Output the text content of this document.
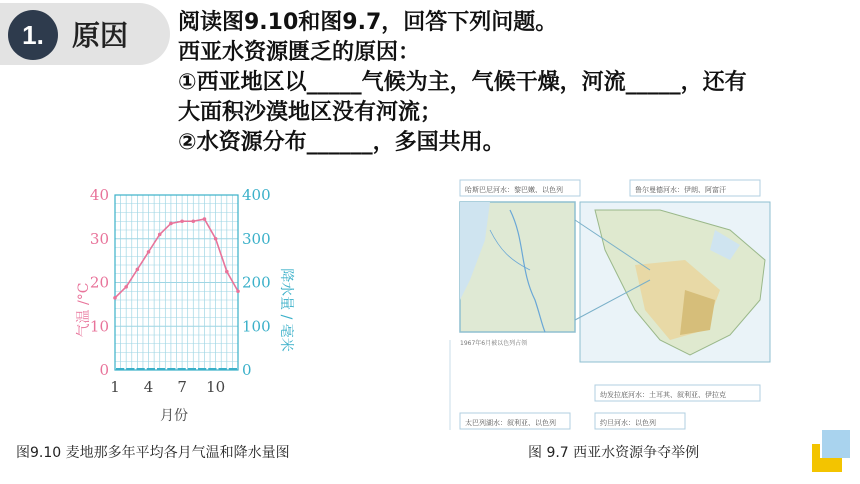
1.	原因 阅读图9.10和图9.7，回答下列问题。
西亚水资源匮乏的原因：
①西亚地区以_____气候为主，气候干燥，河流_____，还有
大面积沙漠地区没有河流；
②水资源分布______，多国共用。
0
10
20
30
40
0
100
200
300
400
1 4 7 10
气温 /°C	降水量 / 毫米
月份
图9.10 麦地那多年平均各月气温和降水量图
哈斯巴尼河水：黎巴嫩、以色列	鲁尔曼德河水：伊朗、阿富汗
1967年6月被以色列占领
幼发拉底河水：土耳其、叙利亚、伊拉克
太巴列湖水：叙利亚、以色列	约旦河水：以色列
图 9.7 西亚水资源争夺举例
